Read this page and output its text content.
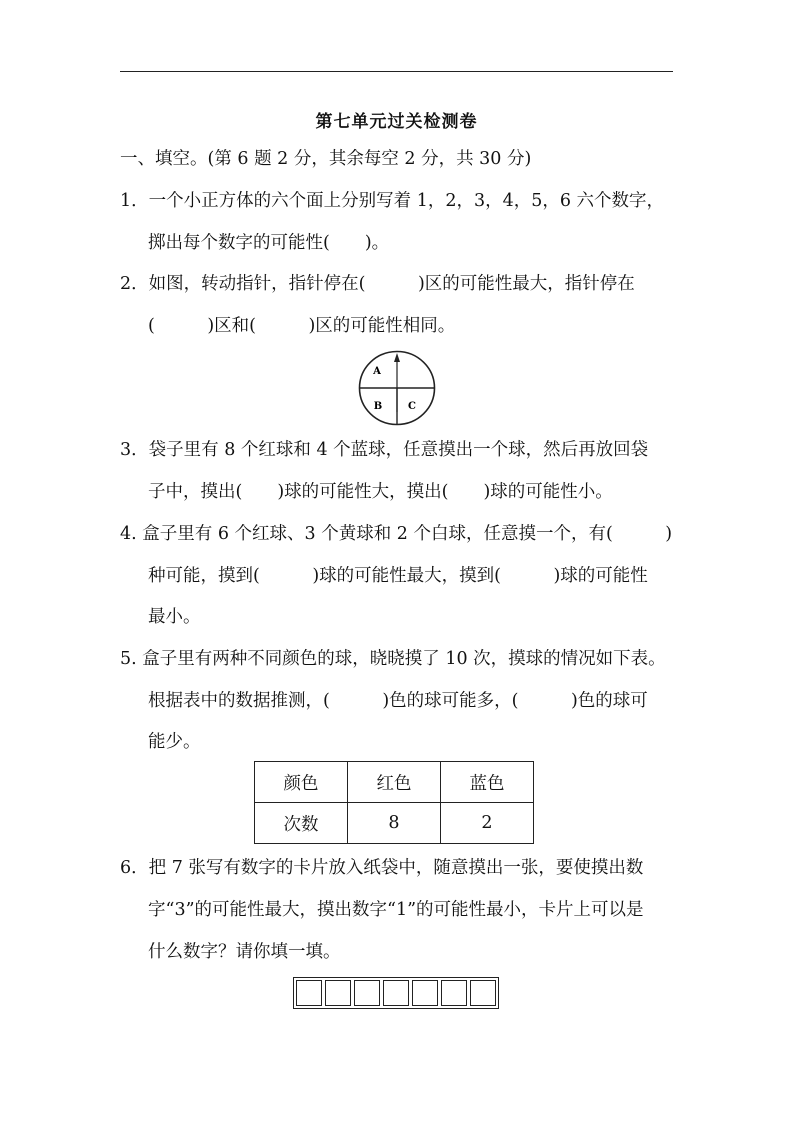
第七单元过关检测卷
一、填空。(第 6 题 2 分，其余每空 2 分，共 30 分)
1．一个小正方体的六个面上分别写着 1，2，3，4，5，6 六个数字，
掷出每个数字的可能性(　　)。
2．如图，转动指针，指针停在(　　　)区的可能性最大，指针停在
(　　　)区和(　　　)区的可能性相同。
A
B	C
3．袋子里有 8 个红球和 4 个蓝球，任意摸出一个球，然后再放回袋
子中，摸出(　　)球的可能性大，摸出(　　)球的可能性小。
4. 盒子里有 6 个红球、3 个黄球和 2 个白球，任意摸一个，有(　　　)
种可能，摸到(　　　)球的可能性最大，摸到(　　　)球的可能性
最小。
5. 盒子里有两种不同颜色的球，晓晓摸了 10 次，摸球的情况如下表。
根据表中的数据推测，(　　　)色的球可能多，(　　　)色的球可
能少。
颜色	红色	蓝色
次数	8	2
6．把 7 张写有数字的卡片放入纸袋中，随意摸出一张，要使摸出数
字“3”的可能性最大，摸出数字“1”的可能性最小，卡片上可以是
什么数字？请你填一填。
